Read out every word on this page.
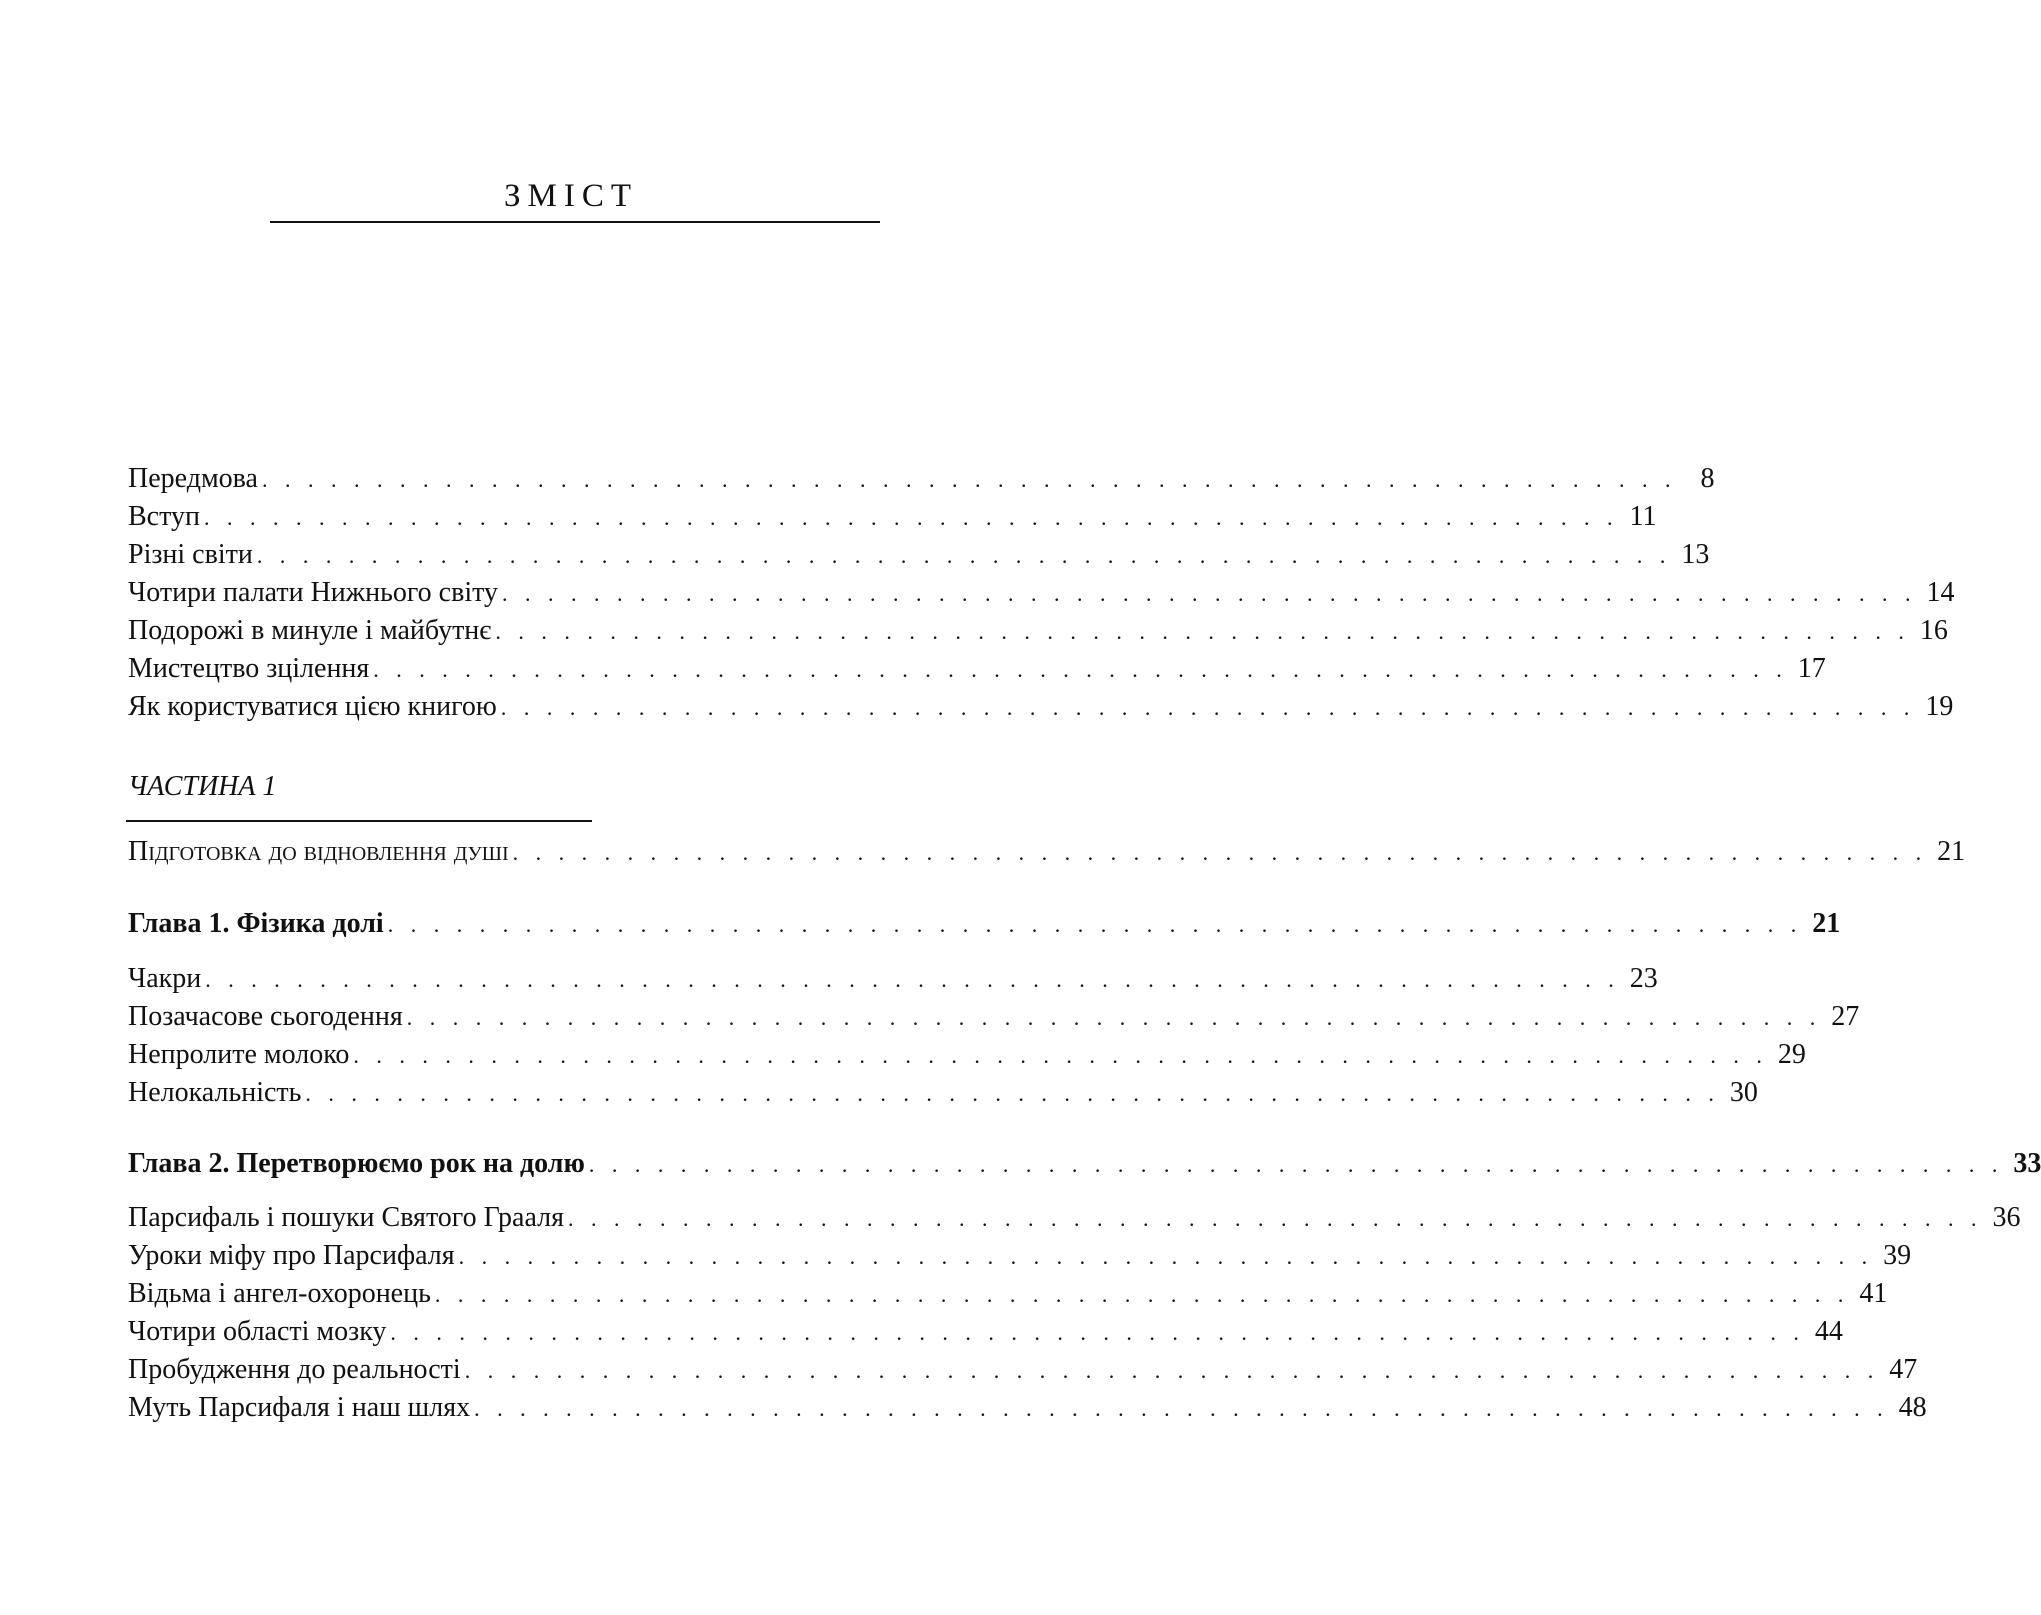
ЗМІСТ
Передмова . . . . . . . . . . . . . . . . . . . . . . . . . . . . . . . . . . . . . . . . . . . . . . . . . . . . . . . . . . . . . . 8
Вступ . . . . . . . . . . . . . . . . . . . . . . . . . . . . . . . . . . . . . . . . . . . . . . . . . . . . . . . . . . . . . . 11
Різні світи . . . . . . . . . . . . . . . . . . . . . . . . . . . . . . . . . . . . . . . . . . . . . . . . . . . . . . . . . . . . . . 13
Чотири палати Нижнього світу . . . . . . . . . . . . . . . . . . . . . . . . . . . . . . . . . . . . . . . . . . . . . . . . . . . . . . . . . . . . . . 14
Подорожі в минуле і майбутнє . . . . . . . . . . . . . . . . . . . . . . . . . . . . . . . . . . . . . . . . . . . . . . . . . . . . . . . . . . . . . . 16
Мистецтво зцілення . . . . . . . . . . . . . . . . . . . . . . . . . . . . . . . . . . . . . . . . . . . . . . . . . . . . . . . . . . . . . . 17
Як користуватися цією книгою . . . . . . . . . . . . . . . . . . . . . . . . . . . . . . . . . . . . . . . . . . . . . . . . . . . . . . . . . . . . . . 19
ЧАСТИНА 1
Підготовка до відновлення душі . . . . . . . . . . . . . . . . . . . . . . . . . . . . . . . . . . . . . . . . . . . . . . . . . . . . . . . . . . . . . . 21
Глава 1. Фізика долі . . . . . . . . . . . . . . . . . . . . . . . . . . . . . . . . . . . . . . . . . . . . . . . . . . . . . . . . . . . . . . 21
Чакри . . . . . . . . . . . . . . . . . . . . . . . . . . . . . . . . . . . . . . . . . . . . . . . . . . . . . . . . . . . . . . 23
Позачасове сьогодення . . . . . . . . . . . . . . . . . . . . . . . . . . . . . . . . . . . . . . . . . . . . . . . . . . . . . . . . . . . . . . 27
Непролите молоко . . . . . . . . . . . . . . . . . . . . . . . . . . . . . . . . . . . . . . . . . . . . . . . . . . . . . . . . . . . . . . 29
Нелокальність . . . . . . . . . . . . . . . . . . . . . . . . . . . . . . . . . . . . . . . . . . . . . . . . . . . . . . . . . . . . . . 30
Глава 2. Перетворюємо рок на долю . . . . . . . . . . . . . . . . . . . . . . . . . . . . . . . . . . . . . . . . . . . . . . . . . . . . . . . . . . . . . . 33
Парсифаль і пошуки Святого Грааля . . . . . . . . . . . . . . . . . . . . . . . . . . . . . . . . . . . . . . . . . . . . . . . . . . . . . . . . . . . . . . 36
Уроки міфу про Парсифаля . . . . . . . . . . . . . . . . . . . . . . . . . . . . . . . . . . . . . . . . . . . . . . . . . . . . . . . . . . . . . . 39
Відьма і ангел-охоронець . . . . . . . . . . . . . . . . . . . . . . . . . . . . . . . . . . . . . . . . . . . . . . . . . . . . . . . . . . . . . . 41
Чотири області мозку . . . . . . . . . . . . . . . . . . . . . . . . . . . . . . . . . . . . . . . . . . . . . . . . . . . . . . . . . . . . . . 44
Пробудження до реальності . . . . . . . . . . . . . . . . . . . . . . . . . . . . . . . . . . . . . . . . . . . . . . . . . . . . . . . . . . . . . . 47
Муть Парсифаля і наш шлях . . . . . . . . . . . . . . . . . . . . . . . . . . . . . . . . . . . . . . . . . . . . . . . . . . . . . . . . . . . . . . 48
